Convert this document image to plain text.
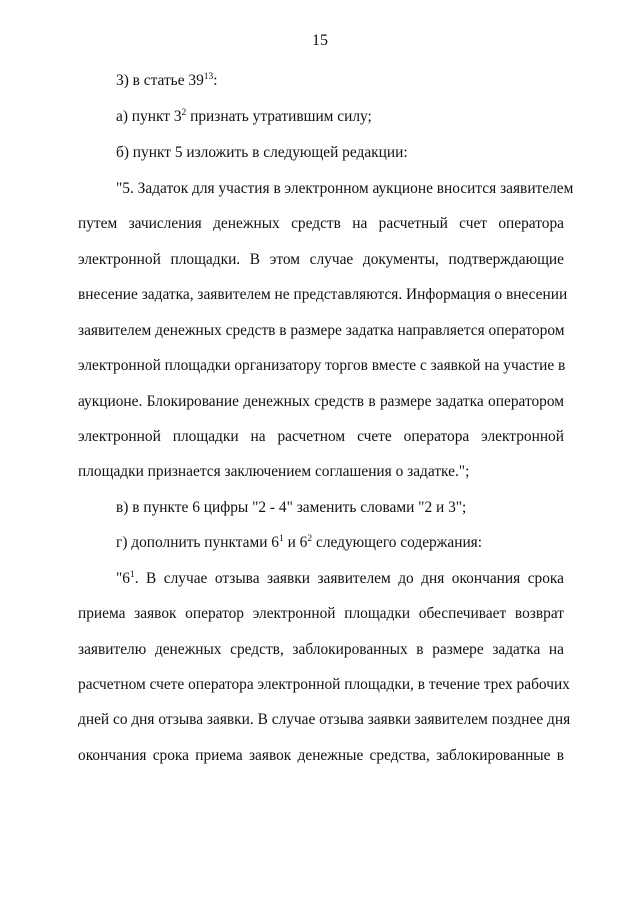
15
3) в статье $39^{13}$:
а) пункт $3^2$ признать утратившим силу;
б) пункт 5 изложить в следующей редакции:
"5. Задаток для участия в электронном аукционе вносится заявителем
путем зачисления денежных средств на расчетный счет оператора
электронной площадки. В этом случае документы, подтверждающие
внесение задатка, заявителем не представляются. Информация о внесении
заявителем денежных средств в размере задатка направляется оператором
электронной площадки организатору торгов вместе с заявкой на участие в
аукционе. Блокирование денежных средств в размере задатка оператором
электронной площадки на расчетном счете оператора электронной
площадки признается заключением соглашения о задатке.";
в) в пункте 6 цифры "2 - 4" заменить словами "2 и 3";
г) дополнить пунктами $6^1$ и $6^2$ следующего содержания:
"$6^1$. В случае отзыва заявки заявителем до дня окончания срока
приема заявок оператор электронной площадки обеспечивает возврат
заявителю денежных средств, заблокированных в размере задатка на
расчетном счете оператора электронной площадки, в течение трех рабочих
дней со дня отзыва заявки. В случае отзыва заявки заявителем позднее дня
окончания срока приема заявок денежные средства, заблокированные в
